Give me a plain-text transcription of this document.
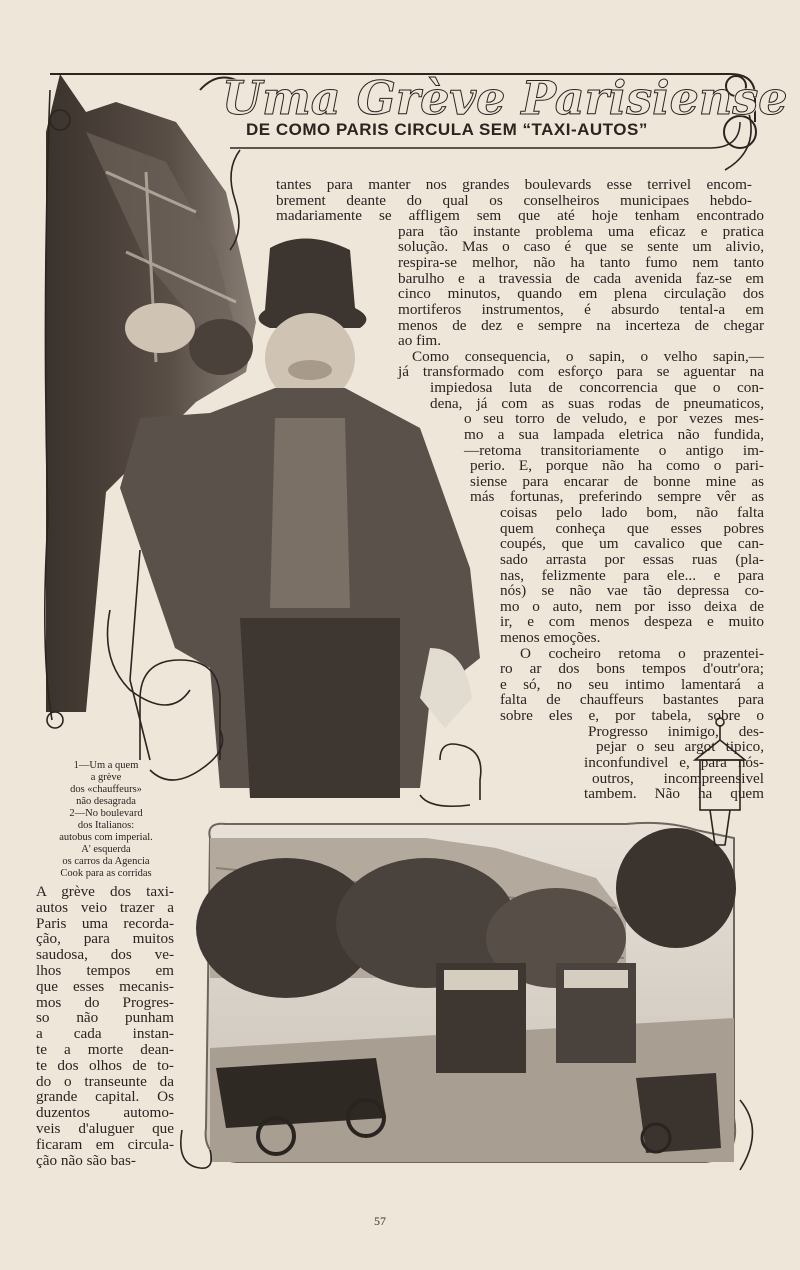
Uma Grève Parisiense
DE COMO PARIS CIRCULA SEM “TAXI-AUTOS”
tantes para manter nos grandes boulevards esse terrivel encom-
brement deante do qual os conselheiros municipaes hebdo-
madariamente se affligem sem que até hoje tenham encontrado
para tão instante problema uma eficaz e pratica
solução. Mas o caso é que se sente um alivio,
respira-se melhor, não ha tanto fumo nem tanto
barulho e a travessia de cada avenida faz-se em
cinco minutos, quando em plena circulação dos
mortiferos instrumentos, é absurdo tental-a em
menos de dez e sempre na incerteza de chegar
ao fim.
Como consequencia, o sapin, o velho sapin,—
já transformado com esforço para se aguentar na
impiedosa luta de concorrencia que o con-
dena, já com as suas rodas de pneumaticos,
o seu torro de veludo, e por vezes mes-
mo a sua lampada eletrica não fundida,
—retoma transitoriamente o antigo im-
perio. E, porque não ha como o pari-
siense para encarar de bonne mine as
más fortunas, preferindo sempre vêr as
coisas pelo lado bom, não falta
quem conheça que esses pobres
coupés, que um cavalico que can-
sado arrasta por essas ruas (pla-
nas, felizmente para ele... e para
nós) se não vae tão depressa co-
mo o auto, nem por isso deixa de
ir, e com menos despeza e muito
menos emoções.
O cocheiro retoma o prazentei-
ro ar dos bons tempos d'outr'ora;
e só, no seu intimo lamentará a
falta de chauffeurs bastantes para
sobre eles e, por tabela, sobre o
Progresso inimigo, des-
pejar o seu argot tipico,
inconfundivel e, para nós-
outros, incompreensivel
tambem. Não ha quem
A grève dos taxi-
autos veio trazer a
Paris uma recorda-
ção, para muitos
saudosa, dos ve-
lhos tempos em
que esses mecanis-
mos do Progres-
so não punham
a cada instan-
te a morte dean-
te dos olhos de to-
do o transeunte da
grande capital. Os
duzentos automo-
veis d'aluguer que
ficaram em circula-
ção não são bas-
1—Um a quem
a grève
dos «chauffeurs»
não desagrada
2—No boulevard
dos Italianos:
autobus com imperial.
A' esquerda
os carros da Agencia
Cook para as corridas
57
